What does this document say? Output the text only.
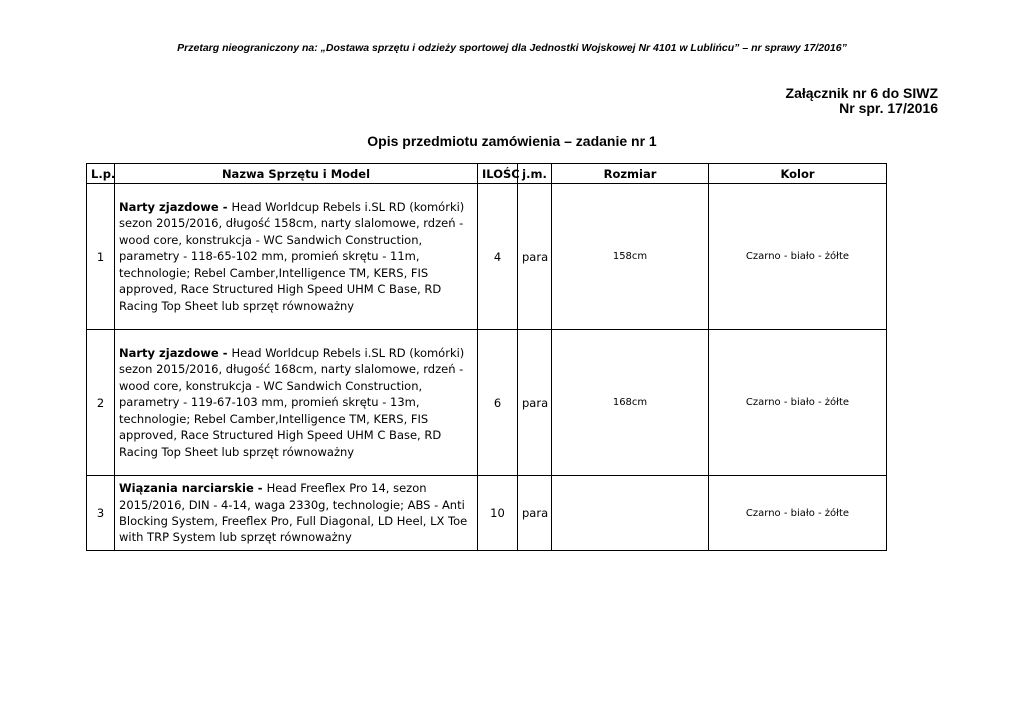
Przetarg nieograniczony na: „Dostawa sprzętu i odzieży sportowej dla Jednostki Wojskowej Nr 4101 w Lublińcu” – nr sprawy 17/2016”
Załącznik nr 6 do SIWZ
Nr spr. 17/2016
Opis przedmiotu zamówienia – zadanie nr 1
L.p.	Nazwa Sprzętu i Model	ILOŚC	j.m.	Rozmiar	Kolor
1	Narty zjazdowe - Head Worldcup Rebels i.SL RD (komórki) sezon 2015/2016, długość 158cm, narty slalomowe, rdzeń - wood core, konstrukcja - WC Sandwich Construction, parametry - 118-65-102 mm, promień skrętu - 11m, technologie; Rebel Camber,Intelligence TM, KERS, FIS approved, Race Structured High Speed UHM C Base, RD Racing Top Sheet lub sprzęt równoważny	4	para	158cm	Czarno - biało - żółte
2	Narty zjazdowe - Head Worldcup Rebels i.SL RD (komórki) sezon 2015/2016, długość 168cm, narty slalomowe, rdzeń - wood core, konstrukcja - WC Sandwich Construction, parametry - 119-67-103 mm, promień skrętu - 13m, technologie; Rebel Camber,Intelligence TM, KERS, FIS approved, Race Structured High Speed UHM C Base, RD Racing Top Sheet lub sprzęt równoważny	6	para	168cm	Czarno - biało - żółte
3	Wiązania narciarskie - Head Freeflex Pro 14, sezon 2015/2016, DIN - 4-14, waga 2330g, technologie; ABS - Anti Blocking System, Freeflex Pro, Full Diagonal, LD Heel, LX Toe with TRP System lub sprzęt równoważny	10	para		Czarno - biało - żółte
